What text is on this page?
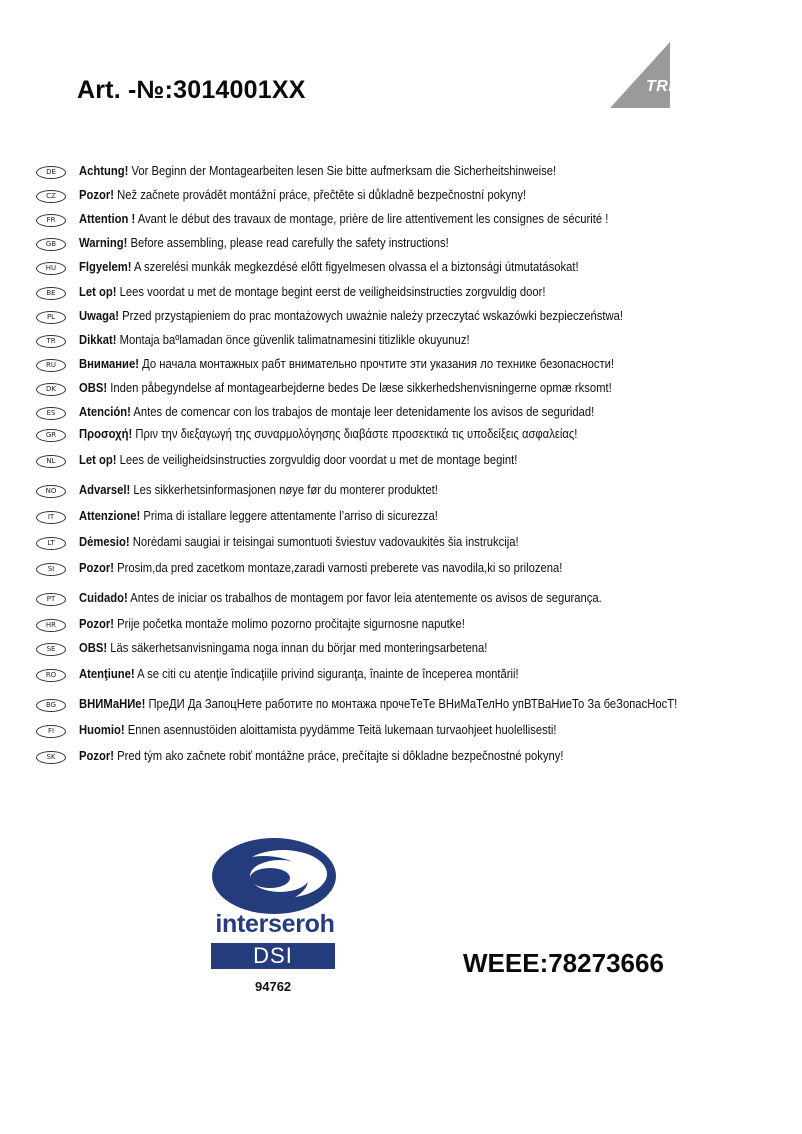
Art. -№:3014001XX	TRIO
DE	Achtung! Vor Beginn der Montagearbeiten lesen Sie bitte aufmerksam die Sicherheitshinweise!
CZ	Pozor! Než začnete provádět montážní práce, přečtěte si důkladně bezpečnostní pokyny!
FR	Attention ! Avant le début des travaux de montage, prière de lire attentivement les consignes de sécurité !
GB	Warning! Before assembling, please read carefully the safety instructions!
HU	Flgyelem! A szerelési munkák megkezdésé előtt figyelmesen olvassa el a biztonsági útmutatásokat!
BE	Let op! Lees voordat u met de montage begint eerst de veiligheidsinstructies zorgvuldig door!
PL	Uwaga! Przed przystąpieniem do prac montażowych uważnie należy przeczytać wskazówki bezpieczeństwa!
TR	Dikkat! Montaja baºlamadan önce güvenlik talimatnamesini titizlikle okuyunuz!
RU	Внимание! До начала монтажных рабт внимательно прочтите эти указания ло технике безопасности!
DK	OBS! Inden påbegyndelse af montagearbejderne bedes De læse sikkerhedshenvisningerne opmæ rksomt!
ES	Atención! Antes de comencar con los trabajos de montaje leer detenidamente los avisos de seguridad!
GR	Προσοχή! Πριν την διεξαγωγή της συναρμολόγησης διαβάστε προσεκτικά τις υποδείξεις ασφαλείας!
NL	Let op! Lees de veiligheidsinstructies zorgvuldig door voordat u met de montage begint!
NO	Advarsel! Les sikkerhetsinformasjonen nøye før du monterer produktet!
IT	Attenzione! Prima di istallare leggere attentamente l’arriso di sicurezza!
LT	Dėmesio! Norėdami saugiai ir teisingai sumontuoti šviestuv vadovaukitės šia instrukcija!
SI	Pozor! Prosim,da pred zacetkom montaze,zaradi varnosti preberete vas navodila,ki so prilozena!
PT	Cuidado! Antes de iniciar os trabalhos de montagem por favor leia atentemente os avisos de segurança.
HR	Pozor! Prije početka montaže molimo pozorno pročitajte sigurnosne naputke!
SE	OBS! Läs säkerhetsanvisningama noga innan du börjar med monteringsarbetena!
RO	Atenţiune! A se citi cu atenţie îndicaţiile privind siguranţa, înainte de începerea montării!
BG	ВНИМаНИе! ПреДИ Да ЗапоцНете работите по монтажа прочеТеТе ВНиМаТелНо упВТВаНиеТо За беЗопасНосТ!
FI	Huomio! Ennen asennustöiden aloittamista pyydämme Teitä lukemaan turvaohjeet huolellisesti!
SK	Pozor! Pred tým ako začnete robiť montážne práce, prečítajte si dôkladne bezpečnostné pokyny!
interseroh
DSI
94762
WEEE:78273666
